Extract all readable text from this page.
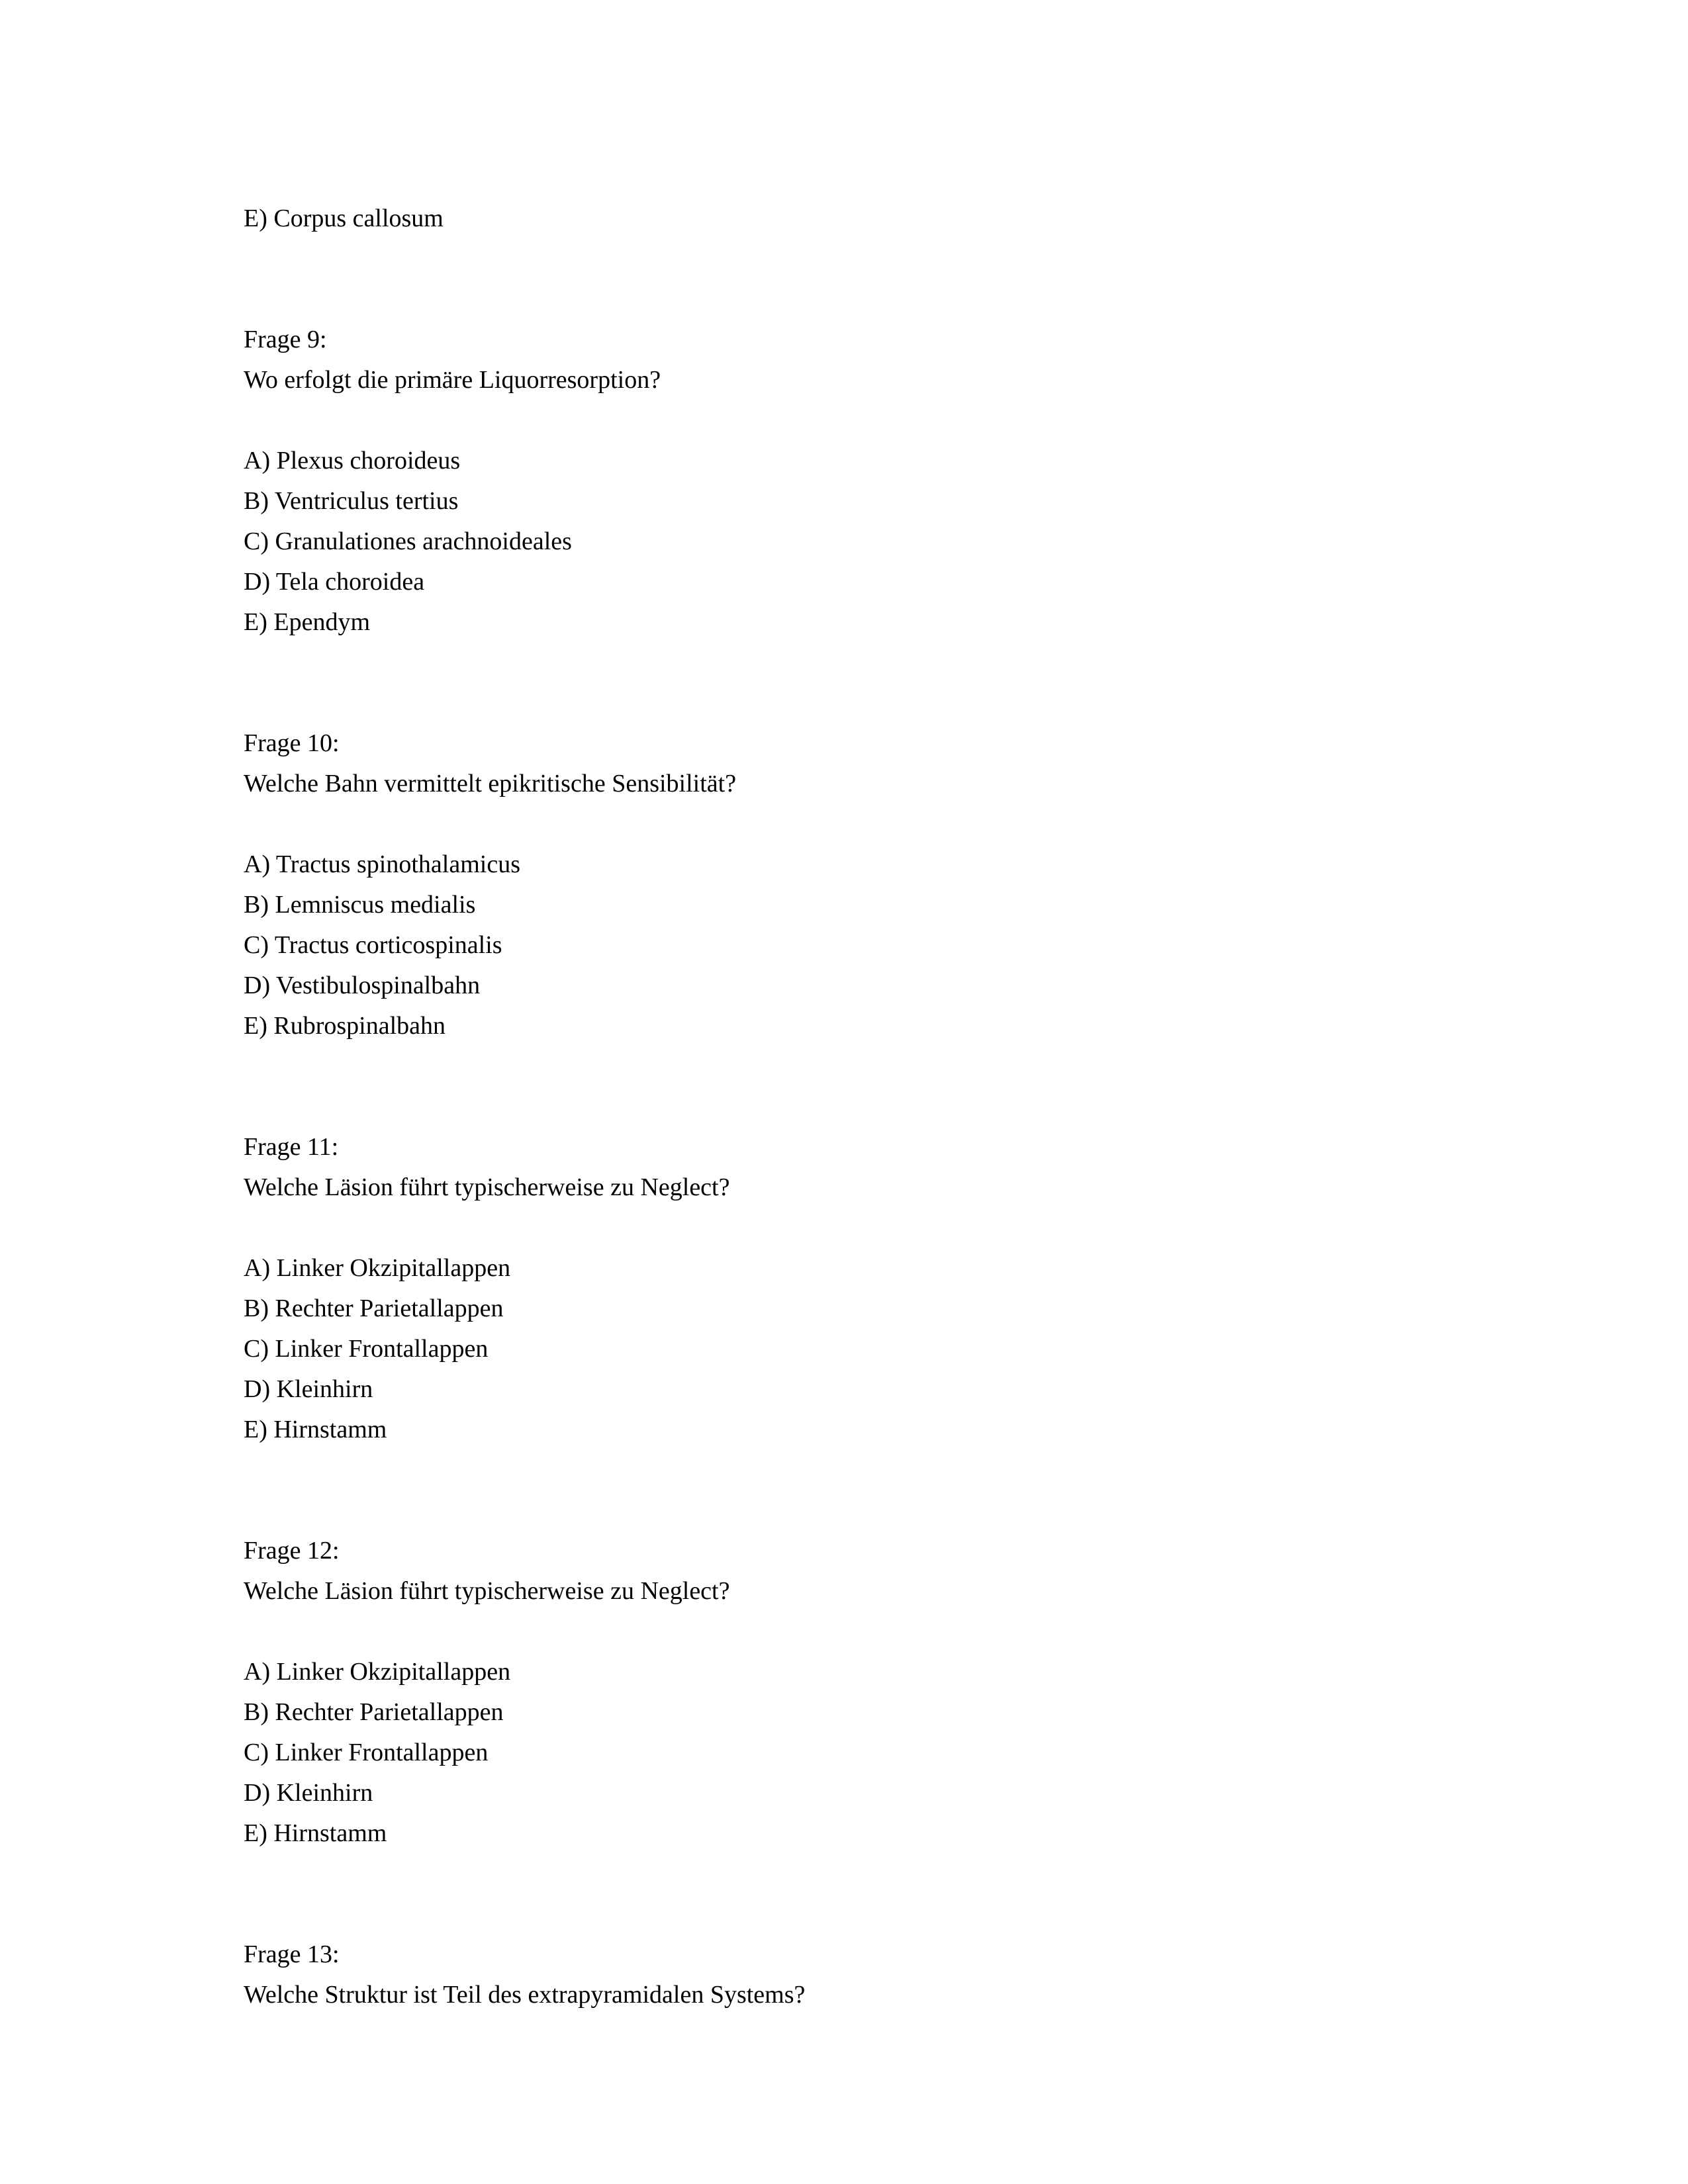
E) Corpus callosum

Frage 9:

Wo erfolgt die primäre Liquorresorption?

A) Plexus choroideus

B) Ventriculus tertius

C) Granulationes arachnoideales

D) Tela choroidea

E) Ependym

Frage 10:

Welche Bahn vermittelt epikritische Sensibilität?

A) Tractus spinothalamicus

B) Lemniscus medialis

C) Tractus corticospinalis

D) Vestibulospinalbahn

E) Rubrospinalbahn

Frage 11:

Welche Läsion führt typischerweise zu Neglect?

A) Linker Okzipitallappen

B) Rechter Parietallappen

C) Linker Frontallappen

D) Kleinhirn

E) Hirnstamm

Frage 12:

Welche Läsion führt typischerweise zu Neglect?

A) Linker Okzipitallappen

B) Rechter Parietallappen

C) Linker Frontallappen

D) Kleinhirn

E) Hirnstamm

Frage 13:

Welche Struktur ist Teil des extrapyramidalen Systems?
